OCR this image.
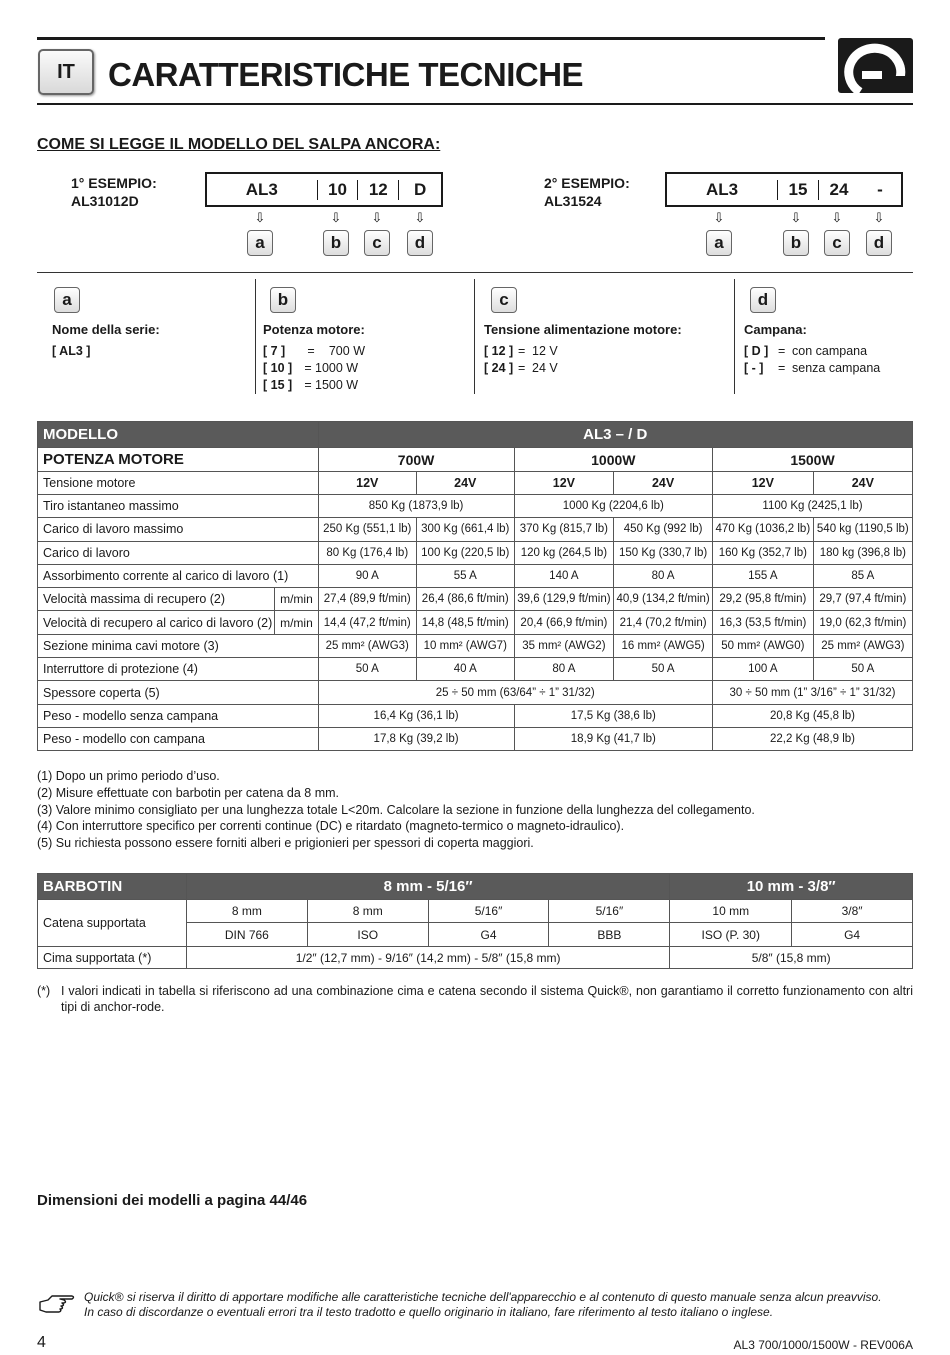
IT	CARATTERISTICHE TECNICHE
COME SI LEGGE IL MODELLO DEL SALPA ANCORA:
1° ESEMPIO:
AL31012D
AL3	10	12	D
⇩	⇩	⇩	⇩
a	b	c	d
2° ESEMPIO:
AL31524
AL3	15	24	-
⇩	⇩	⇩	⇩
a	b	c	d
a
Nome della serie:
[ AL3 ]
b
Potenza motore:
[ 7 ] = 700 W
[ 10 ] = 1000 W
[ 15 ] = 1500 W
c
Tensione alimentazione motore:
[ 12 ] = 12 V
[ 24 ] = 24 V
d
Campana:
[ D ] = con campana
[ - ] = senza campana
MODELLO		AL3 – / D					
POTENZA MOTORE		700W		1000W		1500W	
Tensione motore		12V	24V	12V	24V	12V	24V
Tiro istantaneo massimo		850 Kg (1873,9 lb)		1000 Kg (2204,6 lb)		1100 Kg (2425,1 lb)	
Carico di lavoro massimo		250 Kg (551,1 lb)	300 Kg (661,4 lb)	370 Kg (815,7 lb)	450 Kg (992 lb)	470 Kg (1036,2 lb)	540 kg (1190,5 lb)
Carico di lavoro		80 Kg (176,4 lb)	100 Kg (220,5 lb)	120 kg (264,5 lb)	150 Kg (330,7 lb)	160 Kg (352,7 lb)	180 kg (396,8 lb)
Assorbimento corrente al carico di lavoro (1)		90 A	55 A	140 A	80 A	155 A	85 A
Velocità massima di recupero (2)	m/min	27,4 (89,9 ft/min)	26,4 (86,6 ft/min)	39,6 (129,9 ft/min)	40,9 (134,2 ft/min)	29,2 (95,8 ft/min)	29,7 (97,4 ft/min)
Velocità di recupero al carico di lavoro (2)	m/min	14,4 (47,2 ft/min)	14,8 (48,5 ft/min)	20,4 (66,9 ft/min)	21,4 (70,2 ft/min)	16,3 (53,5 ft/min)	19,0 (62,3 ft/min)
Sezione minima cavi motore (3)		25 mm² (AWG3)	10 mm² (AWG7)	35 mm² (AWG2)	16 mm² (AWG5)	50 mm² (AWG0)	25 mm² (AWG3)
Interruttore di protezione (4)		50 A	40 A	80 A	50 A	100 A	50 A
Spessore coperta (5)		25 ÷ 50 mm (63/64” ÷ 1” 31/32)				30 ÷ 50 mm (1” 3/16” ÷ 1” 31/32)	
Peso - modello senza campana		16,4 Kg (36,1 lb)		17,5 Kg (38,6 lb)		20,8 Kg (45,8 lb)	
Peso - modello con campana		17,8 Kg (39,2 lb)		18,9 Kg (41,7 lb)		22,2 Kg (48,9 lb)	
(1) Dopo un primo periodo d’uso.
(2) Misure effettuate con barbotin per catena da 8 mm.
(3) Valore minimo consigliato per una lunghezza totale L<20m. Calcolare la sezione in funzione della lunghezza del collegamento.
(4) Con interruttore specifico per correnti continue (DC) e ritardato (magneto-termico o magneto-idraulico).
(5) Su richiesta possono essere forniti alberi e prigionieri per spessori di coperta maggiori.
BARBOTIN	8 mm - 5/16″				10 mm - 3/8″	
Catena supportata	8 mm	8 mm	5/16″	5/16″	10 mm	3/8″
	DIN 766	ISO	G4	BBB	ISO (P. 30)	G4
Cima supportata (*)	1/2″ (12,7 mm) - 9/16″ (14,2 mm) - 5/8″ (15,8 mm)				5/8″ (15,8 mm)	
(*) I valori indicati in tabella si riferiscono ad una combinazione cima e catena secondo il sistema Quick®, non garantiamo il corretto funzionamento con altri tipi di anchor-rode.
Dimensioni dei modelli a pagina 44/46
Quick® si riserva il diritto di apportare modifiche alle caratteristiche tecniche dell'apparecchio e al contenuto di questo manuale senza alcun preavviso.
In caso di discordanze o eventuali errori tra il testo tradotto e quello originario in italiano, fare riferimento al testo italiano o inglese.
4	AL3 700/1000/1500W - REV006A
